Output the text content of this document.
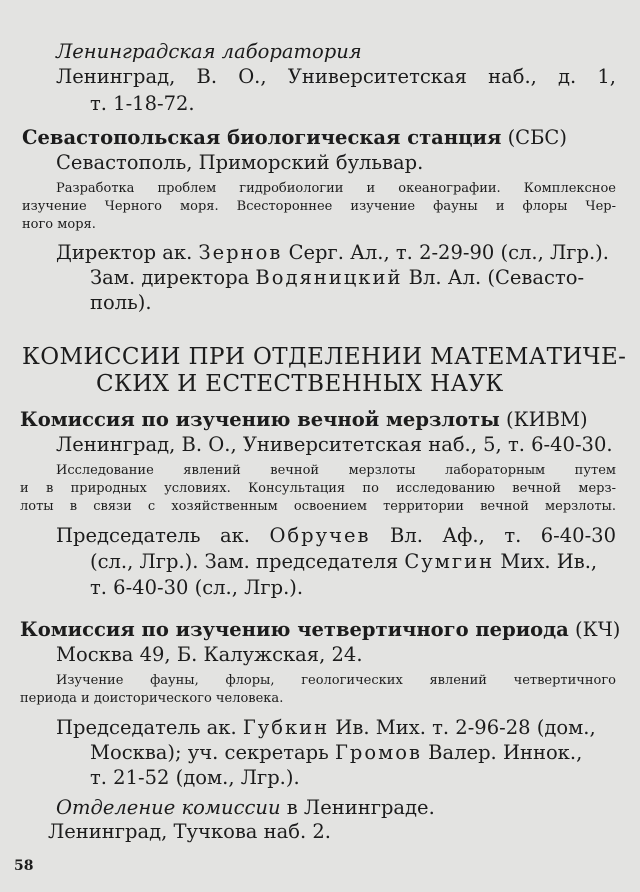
Ленинградская лаборатория
Ленинград, В. О., Университетская наб., д. 1,
т. 1-18-72.
Севастопольская биологическая станция (СБС)
Севастополь, Приморский бульвар.
Разработка проблем гидробиологии и океанографии. Комплексное
изучение Черного моря. Всестороннее изучение фауны и флоры Чер-
ного моря.
Директор ак. Зернов Серг. Ал., т. 2-29-90 (сл., Лгр.).
Зам. директора Водяницкий Вл. Ал. (Севасто-
поль).
КОМИССИИ ПРИ ОТДЕЛЕНИИ МАТЕМАТИЧЕ-
СКИХ И ЕСТЕСТВЕННЫХ НАУК
Комиссия по изучению вечной мерзлоты (КИВМ)
Ленинград, В. О., Университетская наб., 5, т. 6-40-30.
Исследование явлений вечной мерзлоты лабораторным путем
и в природных условиях. Консультация по исследованию вечной мерз-
лоты в связи с хозяйственным освоением территории вечной мерзлоты.
Председатель ак. Обручев Вл. Аф., т. 6-40-30
(сл., Лгр.). Зам. председателя Сумгин Мих. Ив.,
т. 6-40-30 (сл., Лгр.).
Комиссия по изучению четвертичного периода (КЧ)
Москва 49, Б. Калужская, 24.
Изучение фауны, флоры, геологических явлений четвертичного
периода и доисторического человека.
Председатель ак. Губкин Ив. Мих. т. 2-96-28 (дом.,
Москва); уч. секретарь Громов Валер. Иннок.,
т. 21-52 (дом., Лгр.).
Отделение комиссии в Ленинграде.
Ленинград, Тучкова наб. 2.
58
